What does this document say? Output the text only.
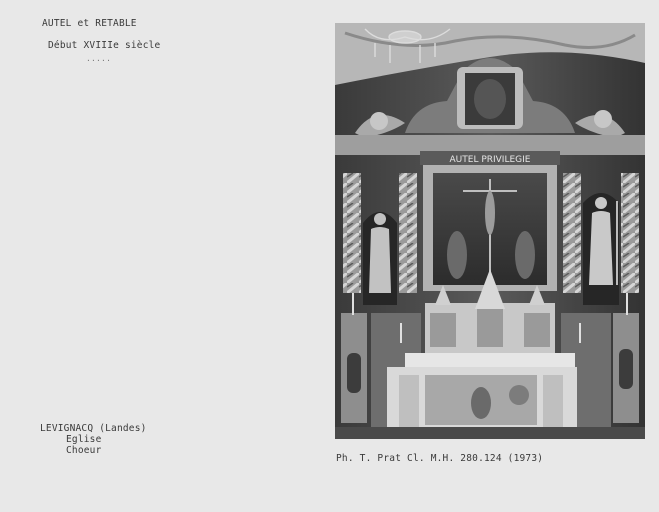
AUTEL et RETABLE
Début XVIIIe siècle
.....
AUTEL PRIVILEGIE
LEVIGNACQ (Landes)
Eglise
Choeur
Ph. T. Prat Cl. M.H. 280.124 (1973)
